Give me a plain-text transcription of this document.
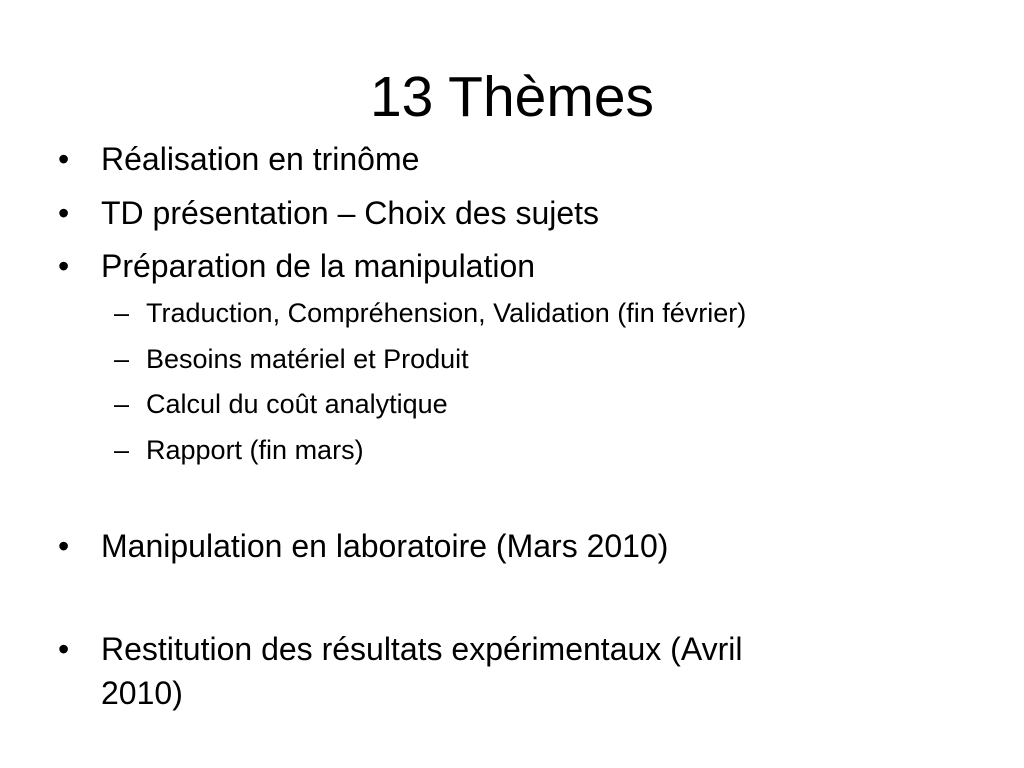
13 Thèmes
• Réalisation en trinôme
• TD présentation – Choix des sujets
• Préparation de la manipulation
– Traduction, Compréhension, Validation (fin février)
– Besoins matériel et Produit
– Calcul du coût analytique
– Rapport (fin mars)
• Manipulation en laboratoire (Mars 2010)
• Restitution des résultats expérimentaux (Avril
2010)
